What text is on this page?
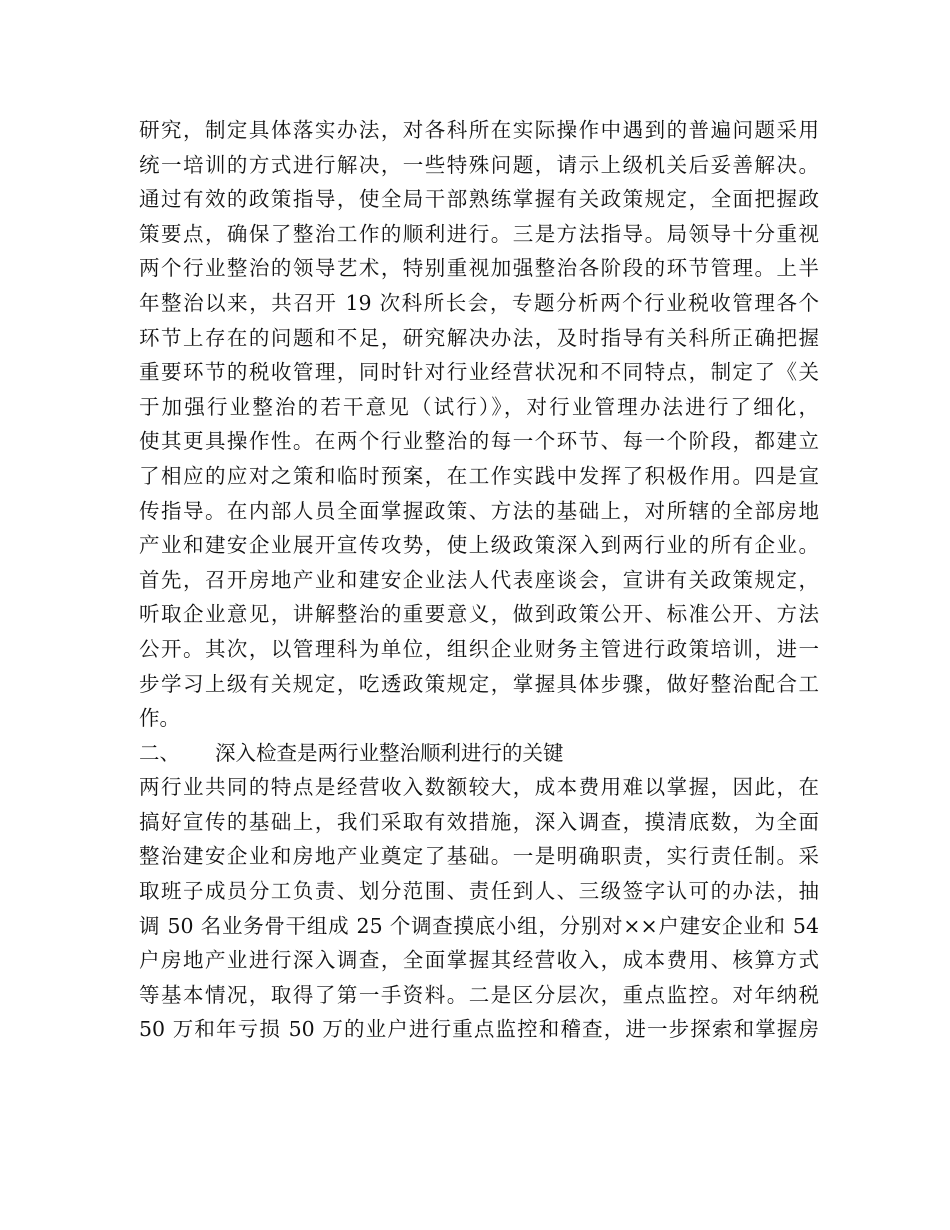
研究，制定具体落实办法，对各科所在实际操作中遇到的普遍问题采用
统一培训的方式进行解决，一些特殊问题，请示上级机关后妥善解决。
通过有效的政策指导，使全局干部熟练掌握有关政策规定，全面把握政
策要点，确保了整治工作的顺利进行。三是方法指导。局领导十分重视
两个行业整治的领导艺术，特别重视加强整治各阶段的环节管理。上半
年整治以来，共召开 19 次科所长会，专题分析两个行业税收管理各个
环节上存在的问题和不足，研究解决办法，及时指导有关科所正确把握
重要环节的税收管理，同时针对行业经营状况和不同特点，制定了《关
于加强行业整治的若干意见（试行）》，对行业管理办法进行了细化，
使其更具操作性。在两个行业整治的每一个环节、每一个阶段，都建立
了相应的应对之策和临时预案，在工作实践中发挥了积极作用。四是宣
传指导。在内部人员全面掌握政策、方法的基础上，对所辖的全部房地
产业和建安企业展开宣传攻势，使上级政策深入到两行业的所有企业。
首先，召开房地产业和建安企业法人代表座谈会，宣讲有关政策规定，
听取企业意见，讲解整治的重要意义，做到政策公开、标准公开、方法
公开。其次，以管理科为单位，组织企业财务主管进行政策培训，进一
步学习上级有关规定，吃透政策规定，掌握具体步骤，做好整治配合工
作。
二、 深入检查是两行业整治顺利进行的关键
两行业共同的特点是经营收入数额较大，成本费用难以掌握，因此，在
搞好宣传的基础上，我们采取有效措施，深入调查，摸清底数，为全面
整治建安企业和房地产业奠定了基础。一是明确职责，实行责任制。采
取班子成员分工负责、划分范围、责任到人、三级签字认可的办法，抽
调 50 名业务骨干组成 25 个调查摸底小组，分别对××户建安企业和 54
户房地产业进行深入调查，全面掌握其经营收入，成本费用、核算方式
等基本情况，取得了第一手资料。二是区分层次，重点监控。对年纳税
50 万和年亏损 50 万的业户进行重点监控和稽查，进一步探索和掌握房
